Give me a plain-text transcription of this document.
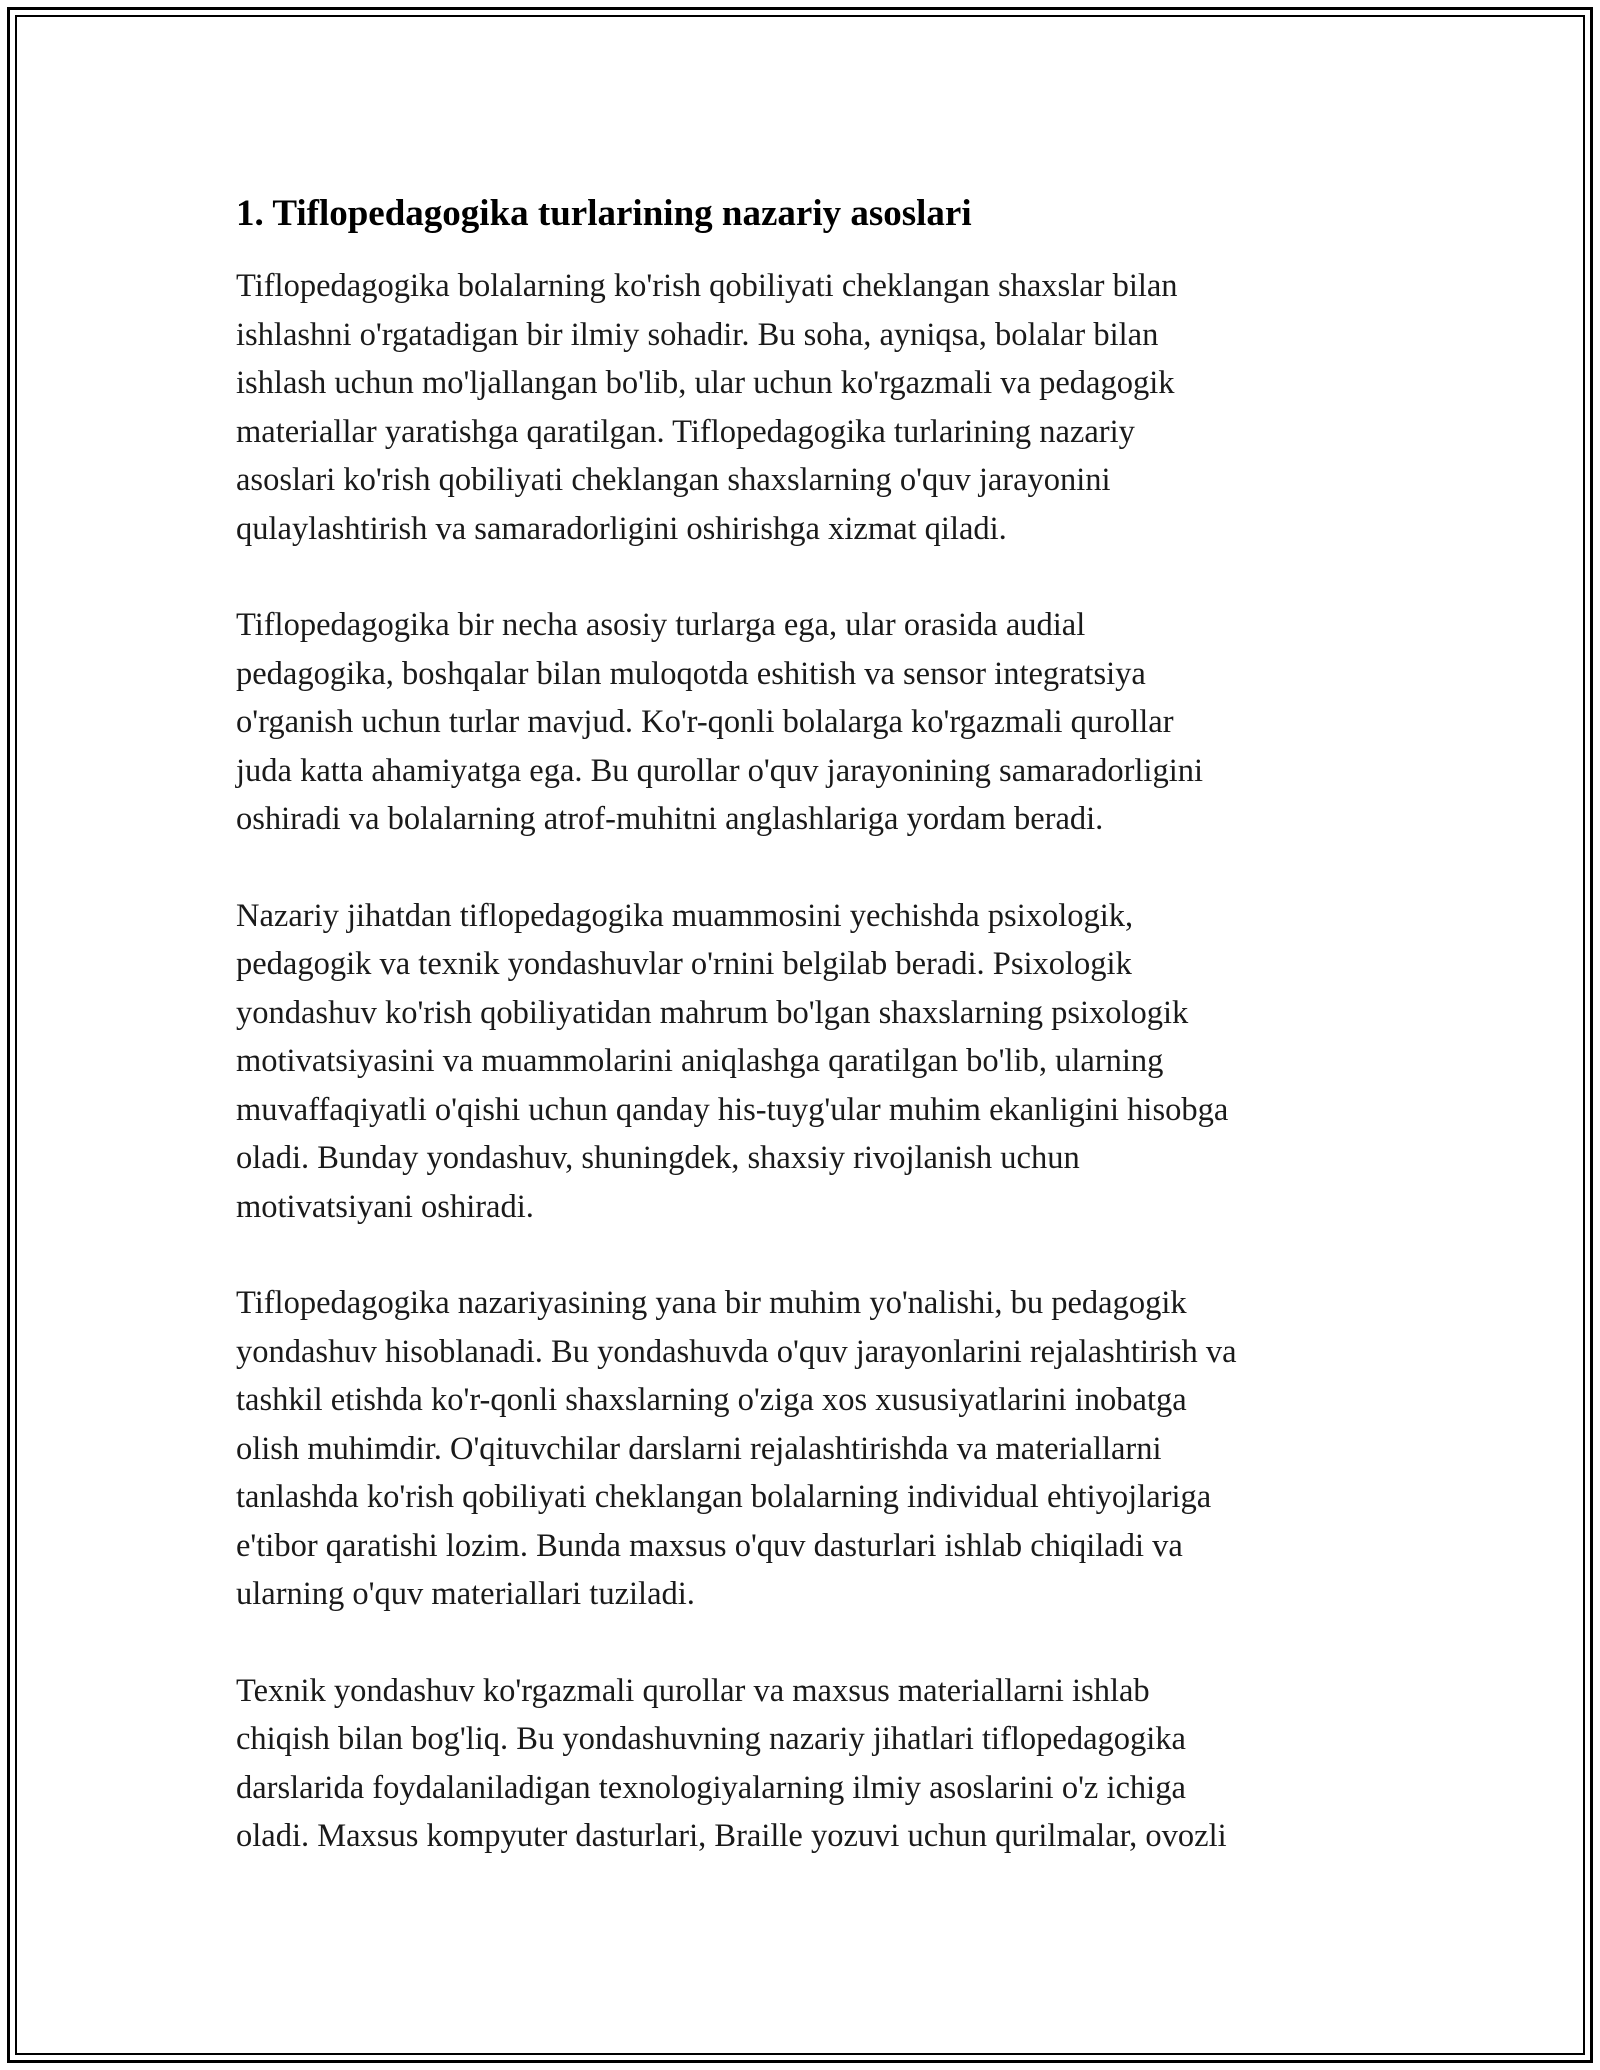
1. Tiflopedagogika turlarining nazariy asoslari

Tiflopedagogika bolalarning ko'rish qobiliyati cheklangan shaxslar bilan
ishlashni o'rgatadigan bir ilmiy sohadir. Bu soha, ayniqsa, bolalar bilan
ishlash uchun mo'ljallangan bo'lib, ular uchun ko'rgazmali va pedagogik
materiallar yaratishga qaratilgan. Tiflopedagogika turlarining nazariy
asoslari ko'rish qobiliyati cheklangan shaxslarning o'quv jarayonini
qulaylashtirish va samaradorligini oshirishga xizmat qiladi.

Tiflopedagogika bir necha asosiy turlarga ega, ular orasida audial
pedagogika, boshqalar bilan muloqotda eshitish va sensor integratsiya
o'rganish uchun turlar mavjud. Ko'r-qonli bolalarga ko'rgazmali qurollar
juda katta ahamiyatga ega. Bu qurollar o'quv jarayonining samaradorligini
oshiradi va bolalarning atrof-muhitni anglashlariga yordam beradi.

Nazariy jihatdan tiflopedagogika muammosini yechishda psixologik,
pedagogik va texnik yondashuvlar o'rnini belgilab beradi. Psixologik
yondashuv ko'rish qobiliyatidan mahrum bo'lgan shaxslarning psixologik
motivatsiyasini va muammolarini aniqlashga qaratilgan bo'lib, ularning
muvaffaqiyatli o'qishi uchun qanday his-tuyg'ular muhim ekanligini hisobga
oladi. Bunday yondashuv, shuningdek, shaxsiy rivojlanish uchun
motivatsiyani oshiradi.

Tiflopedagogika nazariyasining yana bir muhim yo'nalishi, bu pedagogik
yondashuv hisoblanadi. Bu yondashuvda o'quv jarayonlarini rejalashtirish va
tashkil etishda ko'r-qonli shaxslarning o'ziga xos xususiyatlarini inobatga
olish muhimdir. O'qituvchilar darslarni rejalashtirishda va materiallarni
tanlashda ko'rish qobiliyati cheklangan bolalarning individual ehtiyojlariga
e'tibor qaratishi lozim. Bunda maxsus o'quv dasturlari ishlab chiqiladi va
ularning o'quv materiallari tuziladi.

Texnik yondashuv ko'rgazmali qurollar va maxsus materiallarni ishlab
chiqish bilan bog'liq. Bu yondashuvning nazariy jihatlari tiflopedagogika
darslarida foydalaniladigan texnologiyalarning ilmiy asoslarini o'z ichiga
oladi. Maxsus kompyuter dasturlari, Braille yozuvi uchun qurilmalar, ovozli
